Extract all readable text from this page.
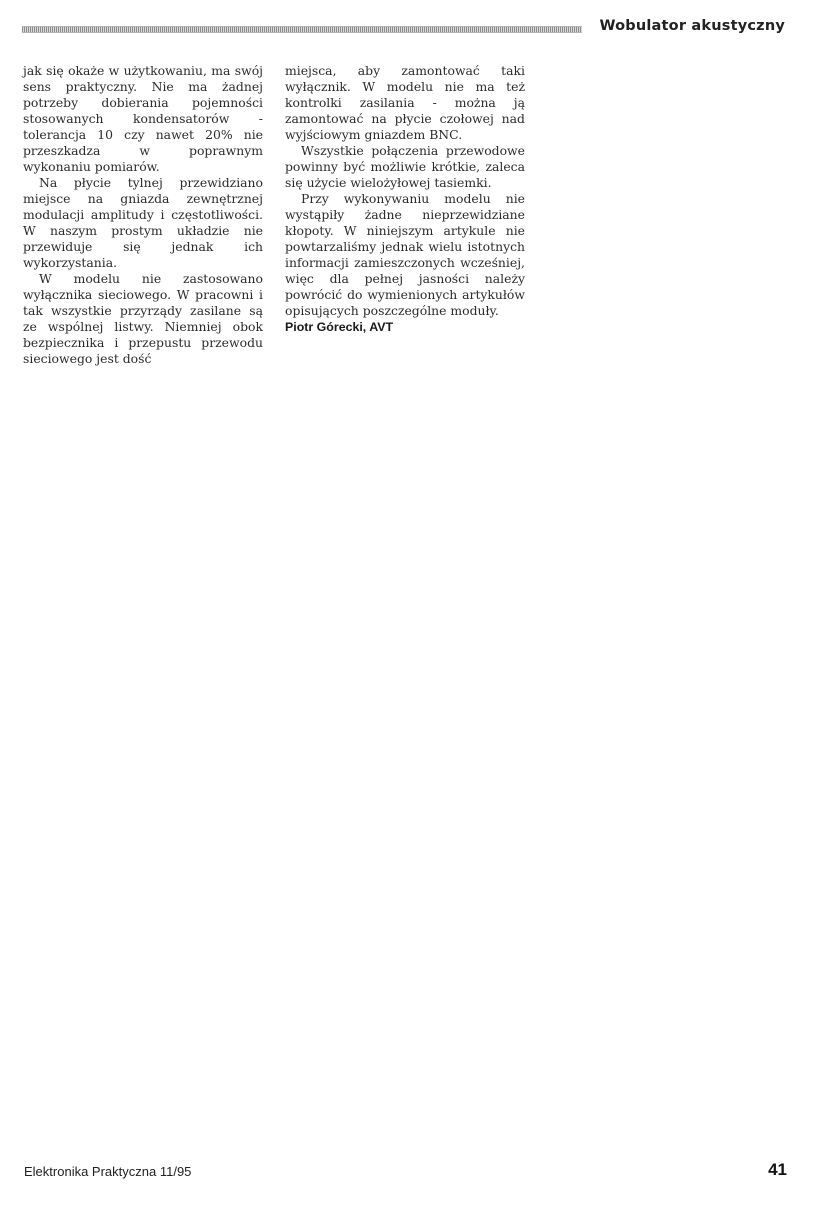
Wobulator akustyczny

jak się okaże w użytkowaniu, ma swój sens praktyczny. Nie ma żadnej potrzeby dobierania pojemności stosowanych kondensatorów - tolerancja 10 czy nawet 20% nie przeszkadza w poprawnym wykonaniu pomiarów.

Na płycie tylnej przewidziano miejsce na gniazda zewnętrznej modulacji amplitudy i częstotliwości. W naszym prostym układzie nie przewiduje się jednak ich wykorzystania.

W modelu nie zastosowano wyłącznika sieciowego. W pracowni i tak wszystkie przyrządy zasilane są ze wspólnej listwy. Niemniej obok bezpiecznika i przepustu przewodu sieciowego jest dość

miejsca, aby zamontować taki wyłącznik. W modelu nie ma też kontrolki zasilania - można ją zamontować na płycie czołowej nad wyjściowym gniazdem BNC.

Wszystkie połączenia przewodowe powinny być możliwie krótkie, zaleca się użycie wielożyłowej tasiemki.

Przy wykonywaniu modelu nie wystąpiły żadne nieprzewidziane kłopoty. W niniejszym artykule nie powtarzaliśmy jednak wielu istotnych informacji zamieszczonych wcześniej, więc dla pełnej jasności należy powrócić do wymienionych artykułów opisujących poszczególne moduły.

Piotr Górecki, AVT
Elektronika Praktyczna 11/95	41
